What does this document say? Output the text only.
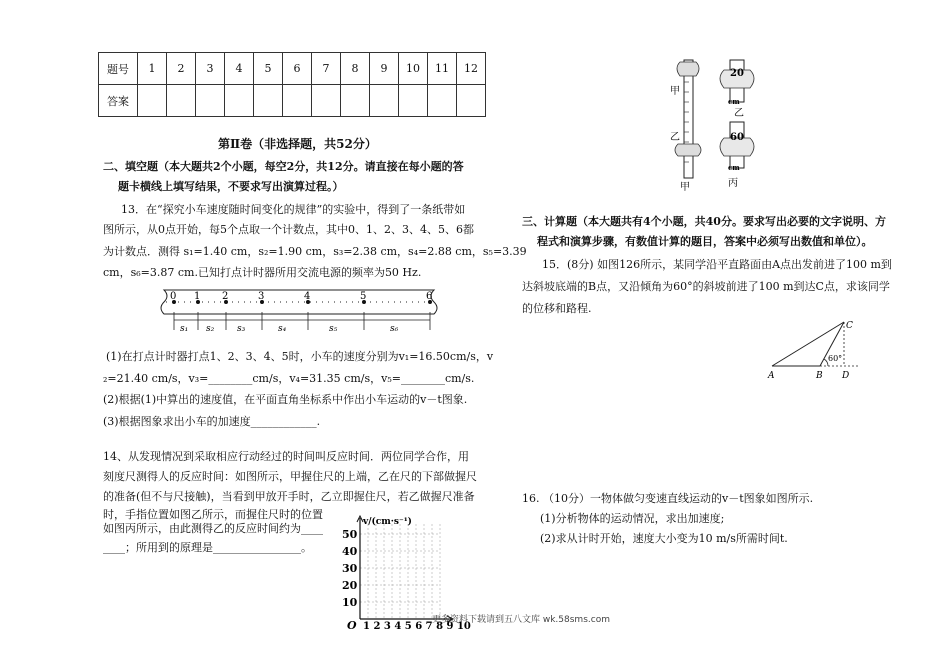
题号	1	2	3	4	5	6	7	8	9	10	11	12
答案												
第Ⅱ卷（非选择题，共52分）
二、填空题（本大题共2个小题，每空2分，共12分。请直接在每小题的答
题卡横线上填写结果，不要求写出演算过程。）
13．在“探究小车速度随时间变化的规律”的实验中，得到了一条纸带如
图所示，从0点开始，每5个点取一个计数点，其中0、1、2、3、4、5、6都
为计数点．测得 s₁=1.40 cm，s₂=1.90 cm，s₃=2.38 cm，s₄=2.88 cm，s₅=3.39
cm，s₆=3.87 cm.已知打点计时器所用交流电源的频率为50 Hz.
0 1 2	3	4	5	6
s₁ s₂	s₃	s₄	s₅	s₆
(1)在打点计时器打点1、2、3、4、5时，小车的速度分别为v₁=16.50cm/s，v
₂=21.40 cm/s，v₃=________cm/s，v₄=31.35 cm/s，v₅=________cm/s.
(2)根据(1)中算出的速度值，在平面直角坐标系中作出小车运动的v－t图象.
(3)根据图象求出小车的加速度____________.
14、从发现情况到采取相应行动经过的时间叫反应时间．两位同学合作，用
刻度尺测得人的反应时间：如图所示，甲握住尺的上端，乙在尺的下部做握尺
的准备(但不与尺接触)，当看到甲放开手时，乙立即握住尺，若乙做握尺准备
时，手指位置如图乙所示，而握住尺时的位置
如图丙所示，由此测得乙的反应时间约为____
____；所用到的原理是________________。
v/(cm·s⁻¹)
50
40
30
20
10
O 1 2 3 4 5 6 7 8 9 10
甲
乙
甲
20
cm
乙
60
cm
丙
三、计算题（本大题共有4个小题，共40分。要求写出必要的文字说明、方
程式和演算步骤，有数值计算的题目，答案中必须写出数值和单位）。
15．(8分) 如图126所示，某同学沿平直路面由A点出发前进了100 m到
达斜坡底端的B点，又沿倾角为60°的斜坡前进了100 m到达C点，求该同学
的位移和路程.
A	B
C
D
60°
16. （10分）一物体做匀变速直线运动的v－t图象如图所示.
(1)分析物体的运动情况，求出加速度;
(2)求从计时开始，速度大小变为10 m/s所需时间t.
更多资料下载请到五八文库 wk.58sms.com
